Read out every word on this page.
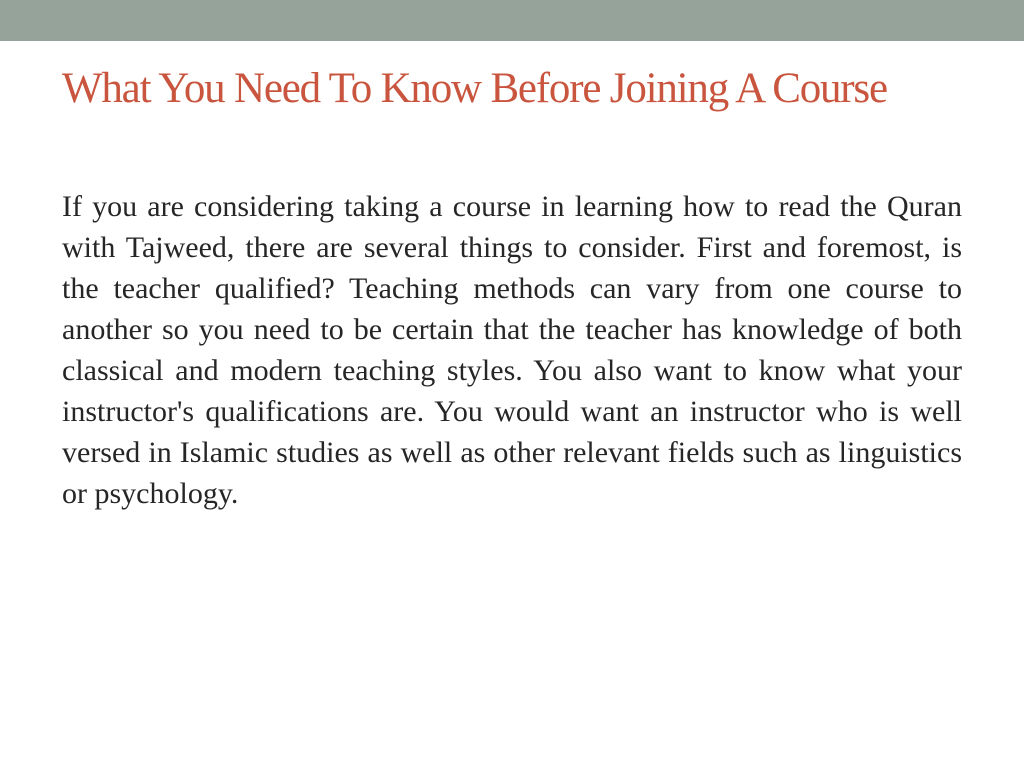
What You Need To Know Before Joining A Course

If you are considering taking a course in learning how to read the Quran with Tajweed, there are several things to consider. First and foremost, is the teacher qualified? Teaching methods can vary from one course to another so you need to be certain that the teacher has knowledge of both classical and modern teaching styles. You also want to know what your instructor's qualifications are. You would want an instructor who is well versed in Islamic studies as well as other relevant fields such as linguistics or psychology.
